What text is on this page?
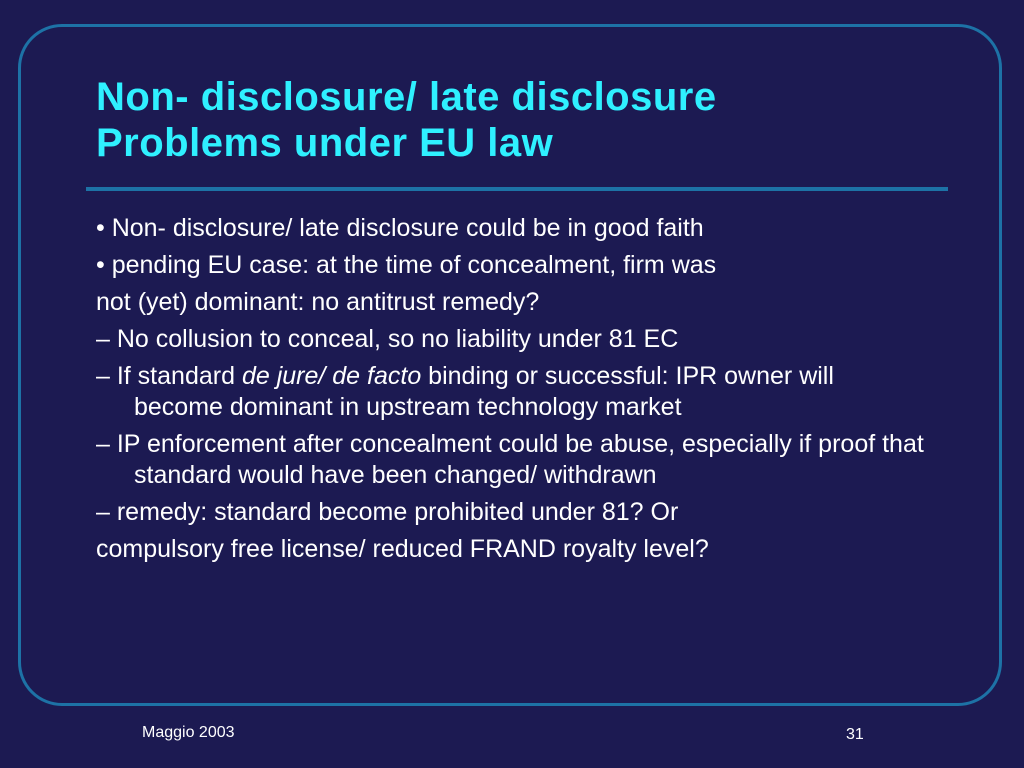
Non- disclosure/ late disclosure
Problems under EU law

• Non- disclosure/ late disclosure could be in good faith

• pending EU case: at the time of concealment, firm was

not (yet) dominant: no antitrust remedy?

– No collusion to conceal, so no liability under 81 EC

– If standard de jure/ de facto binding or successful: IPR owner will become dominant in upstream technology market

– IP enforcement after concealment could be abuse, especially if proof that standard would have been changed/ withdrawn

– remedy: standard become prohibited under 81? Or

compulsory free license/ reduced FRAND royalty level?

Maggio 2003	31
